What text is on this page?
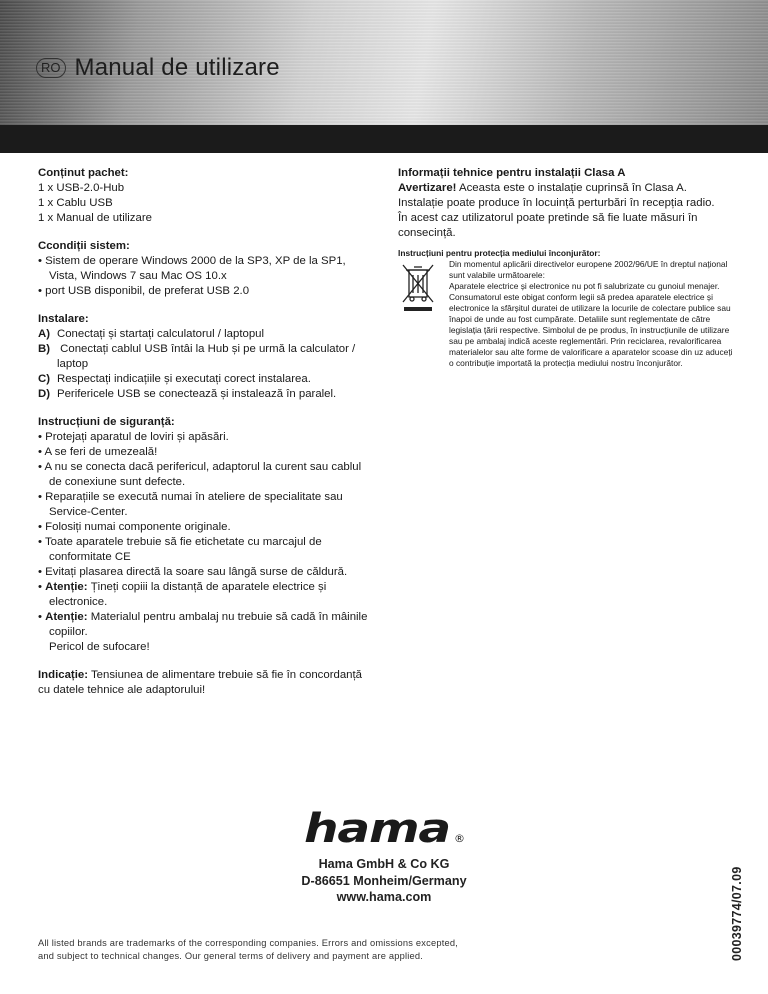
RO Manual de utilizare
Conținut pachet:
1 x USB-2.0-Hub
1 x Cablu USB
1 x Manual de utilizare
Ccondiții sistem:
• Sistem de operare Windows 2000 de la SP3, XP de la SP1, Vista, Windows 7 sau Mac OS 10.x
• port USB disponibil, de preferat USB 2.0
Instalare:
A) Conectați și startați calculatorul / laptopul
B) Conectați cablul USB întâi la Hub și pe urmă la calculator / laptop
C) Respectați indicațiile și executați corect instalarea.
D) Perifericele USB se conectează și instalează în paralel.
Instrucțiuni de siguranță:
• Protejați aparatul de loviri și apăsări.
• A se feri de umezeală!
• A nu se conecta dacă perifericul, adaptorul la curent sau cablul de conexiune sunt defecte.
• Reparațiile se execută numai în ateliere de specialitate sau Service-Center.
• Folosiți numai componente originale.
• Toate aparatele trebuie să fie etichetate cu marcajul de conformitate CE
• Evitați plasarea directă la soare sau lângă surse de căldură.
• Atenție: Țineți copiii la distanță de aparatele electrice și electronice.
• Atenție: Materialul pentru ambalaj nu trebuie să cadă în mâinile copiilor.
Pericol de sufocare!
Indicație: Tensiunea de alimentare trebuie să fie în concordanță cu datele tehnice ale adaptorului!
Informații tehnice pentru instalații Clasa A
Avertizare! Aceasta este o instalație cuprinsă în Clasa A. Instalație poate produce în locuință perturbări în recepția radio.
În acest caz utilizatorul poate pretinde să fie luate măsuri în consecință.
Instrucțiuni pentru protecția mediului înconjurător:
Din momentul aplicării directivelor europene 2002/96/UE în dreptul național sunt valabile următoarele:
Aparatele electrice și electronice nu pot fi salubrizate cu gunoiul menajer. Consumatorul este obigat conform legii să predea aparatele electrice și electronice la sfârșitul duratei de utilizare la locurile de colectare publice sau înapoi de unde au fost cumpărate. Detaliile sunt reglementate de către legislația țării respective. Simbolul de pe produs, în instrucțiunile de utilizare sau pe ambalaj indică aceste reglementări. Prin reciclarea, revalorificarea materialelor sau alte forme de valorificare a aparatelor scoase din uz aduceți o contribuție importată la protecția mediului nostru înconjurător.
hama ®
Hama GmbH & Co KG
D-86651 Monheim/Germany
www.hama.com
All listed brands are trademarks of the corresponding companies. Errors and omissions excepted,
and subject to technical changes. Our general terms of delivery and payment are applied.	00039774/07.09
